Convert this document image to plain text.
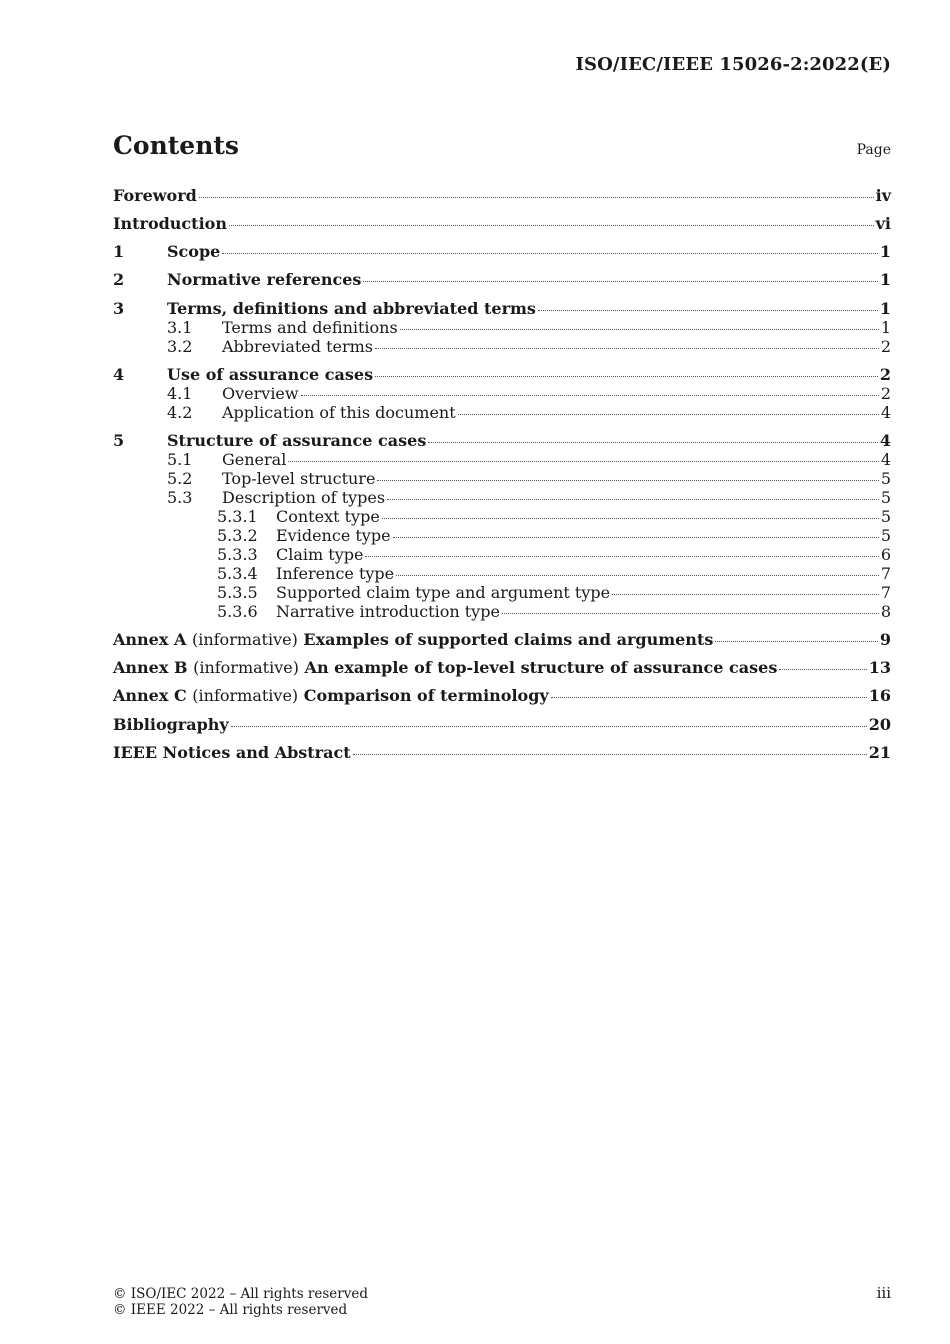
ISO/IEC/IEEE 15026-2:2022(E)
Contents	Page
Foreword	iv
Introduction	vi
1	Scope	1
2	Normative references	1
3	Terms, definitions and abbreviated terms	1
3.1	Terms and definitions	1
3.2	Abbreviated terms	2
4	Use of assurance cases	2
4.1	Overview	2
4.2	Application of this document	4
5	Structure of assurance cases	4
5.1	General	4
5.2	Top-level structure	5
5.3	Description of types	5
5.3.1	Context type	5
5.3.2	Evidence type	5
5.3.3	Claim type	6
5.3.4	Inference type	7
5.3.5	Supported claim type and argument type	7
5.3.6	Narrative introduction type	8
Annex A (informative) Examples of supported claims and arguments	9
Annex B (informative) An example of top-level structure of assurance cases	13
Annex C (informative) Comparison of terminology	16
Bibliography	20
IEEE Notices and Abstract	21
© ISO/IEC 2022 – All rights reserved
© IEEE 2022 – All rights reserved
iii
